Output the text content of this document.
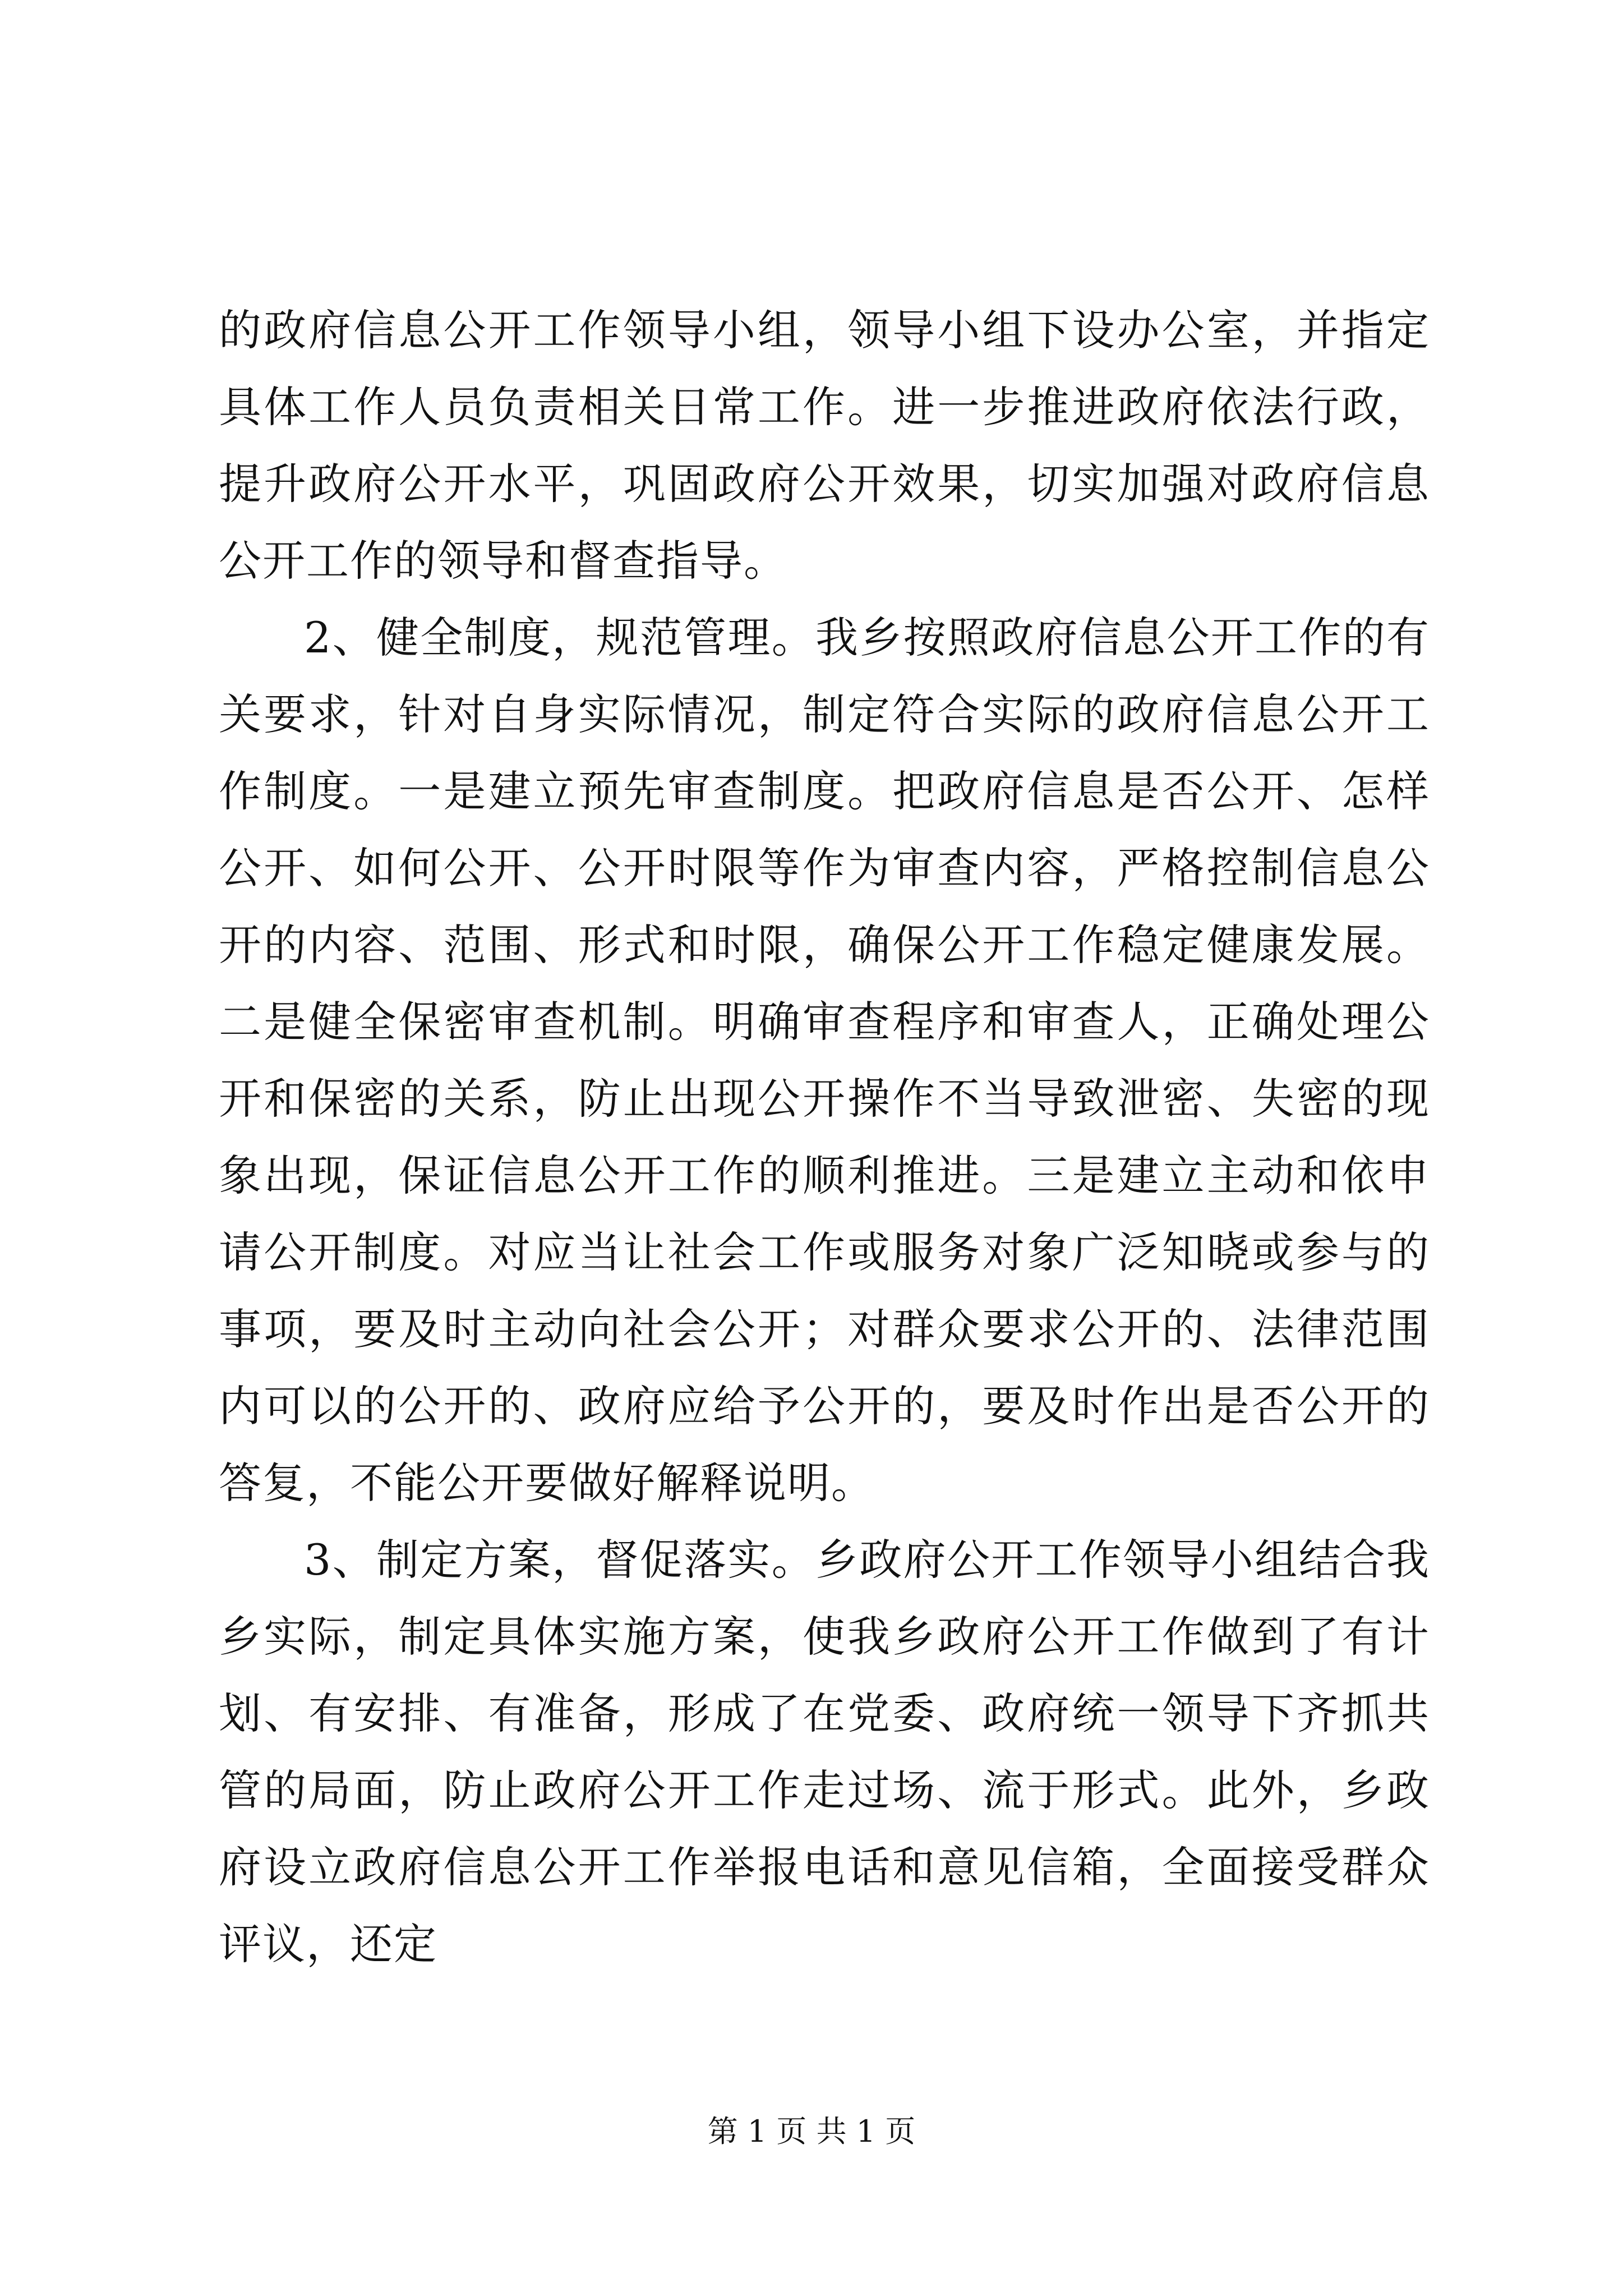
的政府信息公开工作领导小组，领导小组下设办公室，并指定具体工作人员负责相关日常工作。进一步推进政府依法行政，提升政府公开水平，巩固政府公开效果，切实加强对政府信息公开工作的领导和督查指导。

2、健全制度，规范管理。我乡按照政府信息公开工作的有关要求，针对自身实际情况，制定符合实际的政府信息公开工作制度。一是建立预先审查制度。把政府信息是否公开、怎样公开、如何公开、公开时限等作为审查内容，严格控制信息公开的内容、范围、形式和时限，确保公开工作稳定健康发展。二是健全保密审查机制。明确审查程序和审查人，正确处理公开和保密的关系，防止出现公开操作不当导致泄密、失密的现象出现，保证信息公开工作的顺利推进。三是建立主动和依申请公开制度。对应当让社会工作或服务对象广泛知晓或参与的事项，要及时主动向社会公开；对群众要求公开的、法律范围内可以的公开的、政府应给予公开的，要及时作出是否公开的答复，不能公开要做好解释说明。

3、制定方案，督促落实。乡政府公开工作领导小组结合我乡实际，制定具体实施方案，使我乡政府公开工作做到了有计划、有安排、有准备，形成了在党委、政府统一领导下齐抓共管的局面，防止政府公开工作走过场、流于形式。此外，乡政府设立政府信息公开工作举报电话和意见信箱，全面接受群众评议，还定

第 1 页 共 1 页
